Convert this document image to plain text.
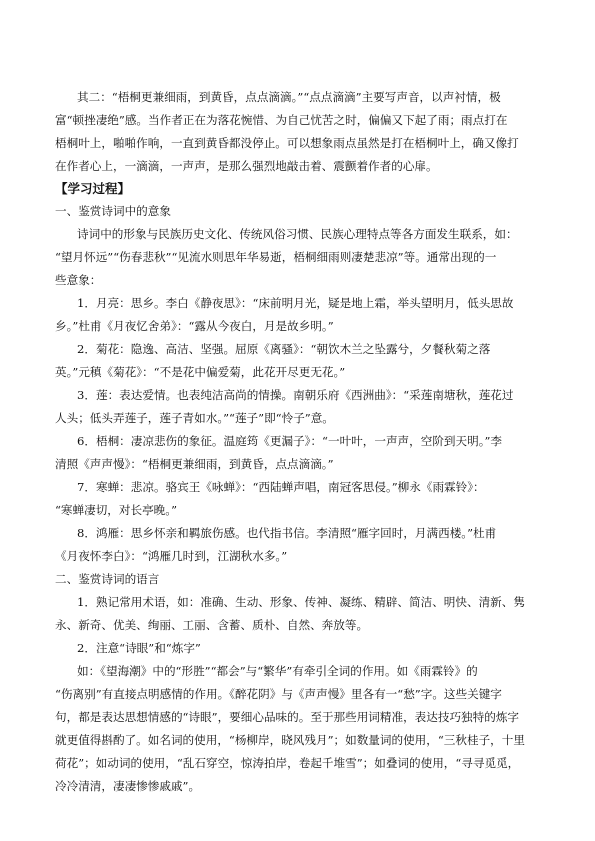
其二：“梧桐更兼细雨，到黄昏，点点滴滴。”“点点滴滴”主要写声音，以声衬情，极
富“顿挫凄绝”感。当作者正在为落花惋惜、为自己忧苦之时，偏偏又下起了雨；雨点打在
梧桐叶上，啪啪作响，一直到黄昏都没停止。可以想象雨点虽然是打在梧桐叶上，确又像打
在作者心上，一滴滴，一声声，是那么强烈地敲击着、震颤着作者的心扉。
【学习过程】
一、鉴赏诗词中的意象
诗词中的形象与民族历史文化、传统风俗习惯、民族心理特点等各方面发生联系，如：
“望月怀远”“伤春悲秋”“见流水则思年华易逝，梧桐细雨则凄楚悲凉”等。通常出现的一
些意象：
1．月亮：思乡。李白《静夜思》：“床前明月光，疑是地上霜，举头望明月，低头思故
乡。”杜甫《月夜忆舍弟》：“露从今夜白，月是故乡明。”
2．菊花：隐逸、高洁、坚强。屈原《离骚》：“朝饮木兰之坠露兮，夕餐秋菊之落
英。”元稹《菊花》：“不是花中偏爱菊，此花开尽更无花。”
3．莲：表达爱情。也表纯洁高尚的情操。南朝乐府《西洲曲》：“采莲南塘秋，莲花过
人头；低头弄莲子，莲子青如水。”“莲子”即“怜子”意。
6．梧桐：凄凉悲伤的象征。温庭筠《更漏子》：“一叶叶，一声声，空阶到天明。”李
清照《声声慢》：“梧桐更兼细雨，到黄昏，点点滴滴。”
7．寒蝉：悲凉。骆宾王《咏蝉》：“西陆蝉声唱，南冠客思侵。”柳永《雨霖铃》：
“寒蝉凄切，对长亭晚。”
8．鸿雁：思乡怀亲和羁旅伤感。也代指书信。李清照“雁字回时，月满西楼。”杜甫
《月夜怀李白》：“鸿雁几时到，江湖秋水多。”
二、鉴赏诗词的语言
1．熟记常用术语，如：准确、生动、形象、传神、凝练、精辟、简洁、明快、清新、隽
永、新奇、优美、绚丽、工丽、含蓄、质朴、自然、奔放等。
2．注意“诗眼”和“炼字”
如：《望海潮》中的“形胜”“都会”与“繁华”有牵引全词的作用。如《雨霖铃》的
“伤离别”有直接点明感情的作用。《醉花阴》与《声声慢》里各有一“愁”字。这些关键字
句，都是表达思想情感的“诗眼”，要细心品味的。至于那些用词精准，表达技巧独特的炼字
就更值得斟酌了。如名词的使用，“杨柳岸，晓风残月”；如数量词的使用，“三秋桂子，十里
荷花”；如动词的使用，“乱石穿空，惊涛拍岸，卷起千堆雪”；如叠词的使用，“寻寻觅觅，
冷冷清清，凄凄惨惨戚戚”。
